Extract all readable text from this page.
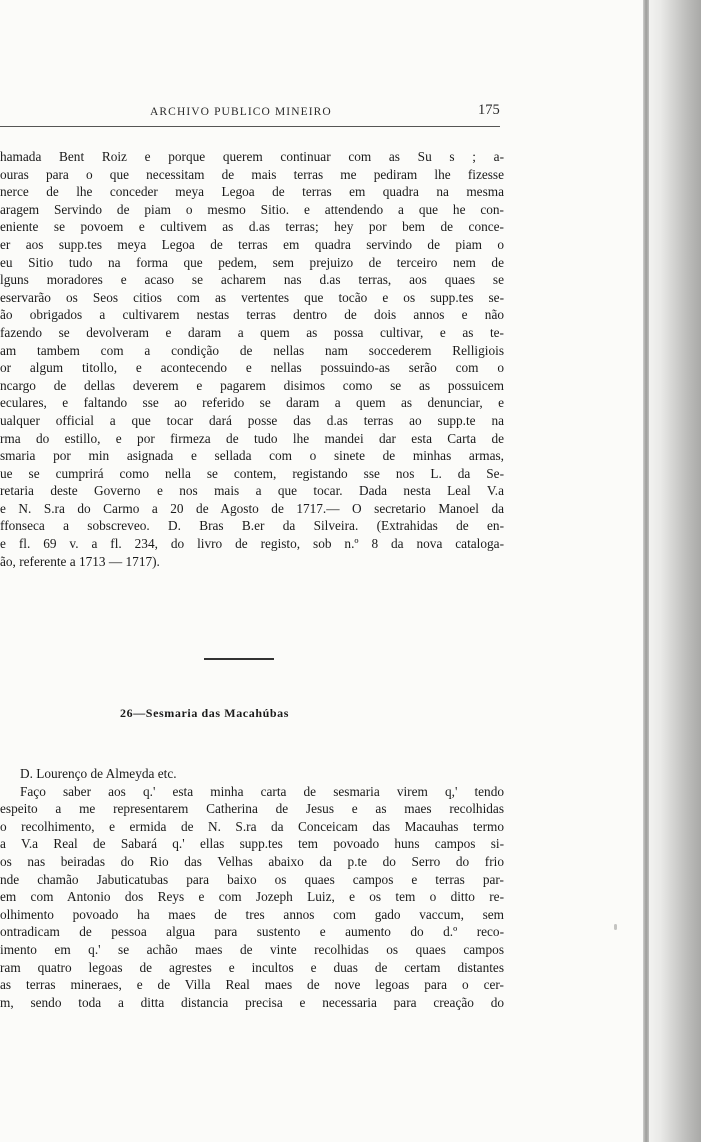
ARCHIVO PUBLICO MINEIRO	175
hamada Bent Roiz e porque querem continuar com as Su s ; a-
ouras para o que necessitam de mais terras me pediram lhe fizesse
nerce de lhe conceder meya Legoa de terras em quadra na mesma
aragem Servindo de piam o mesmo Sitio. e attendendo a que he con-
eniente se povoem e cultivem as d.as terras; hey por bem de conce-
er aos supp.tes meya Legoa de terras em quadra servindo de piam o
eu Sitio tudo na forma que pedem, sem prejuizo de terceiro nem de
lguns moradores e acaso se acharem nas d.as terras, aos quaes se
eservarão os Seos citios com as vertentes que tocão e os supp.tes se-
ão obrigados a cultivarem nestas terras dentro de dois annos e não
fazendo se devolveram e daram a quem as possa cultivar, e as te-
am tambem com a condição de nellas nam soccederem Relligiois
or algum titollo, e acontecendo e nellas possuindo-as serão com o
ncargo de dellas deverem e pagarem disimos como se as possuicem
eculares, e faltando sse ao referido se daram a quem as denunciar, e
ualquer official a que tocar dará posse das d.as terras ao supp.te na
rma do estillo, e por firmeza de tudo lhe mandei dar esta Carta de
smaria por min asignada e sellada com o sinete de minhas armas,
ue se cumprirá como nella se contem, registando sse nos L. da Se-
retaria deste Governo e nos mais a que tocar. Dada nesta Leal V.a
e N. S.ra do Carmo a 20 de Agosto de 1717.— O secretario Manoel da
ffonseca a sobscreveo. D. Bras B.er da Silveira. (Extrahidas de en-
e fl. 69 v. a fl. 234, do livro de registo, sob n.º 8 da nova cataloga-
ão, referente a 1713 — 1717).
26—Sesmaria das Macahúbas
D. Lourenço de Almeyda etc.
Faço saber aos q.' esta minha carta de sesmaria virem q,' tendo
espeito a me representarem Catherina de Jesus e as maes recolhidas
o recolhimento, e ermida de N. S.ra da Conceicam das Macauhas termo
a V.a Real de Sabará q.' ellas supp.tes tem povoado huns campos si-
os nas beiradas do Rio das Velhas abaixo da p.te do Serro do frio
nde chamão Jabuticatubas para baixo os quaes campos e terras par-
em com Antonio dos Reys e com Jozeph Luiz, e os tem o ditto re-
olhimento povoado ha maes de tres annos com gado vaccum, sem
ontradicam de pessoa algua para sustento e aumento do d.º reco-
imento em q.' se achão maes de vinte recolhidas os quaes campos
ram quatro legoas de agrestes e incultos e duas de certam distantes
as terras mineraes, e de Villa Real maes de nove legoas para o cer-
m, sendo toda a ditta distancia precisa e necessaria para creação do
